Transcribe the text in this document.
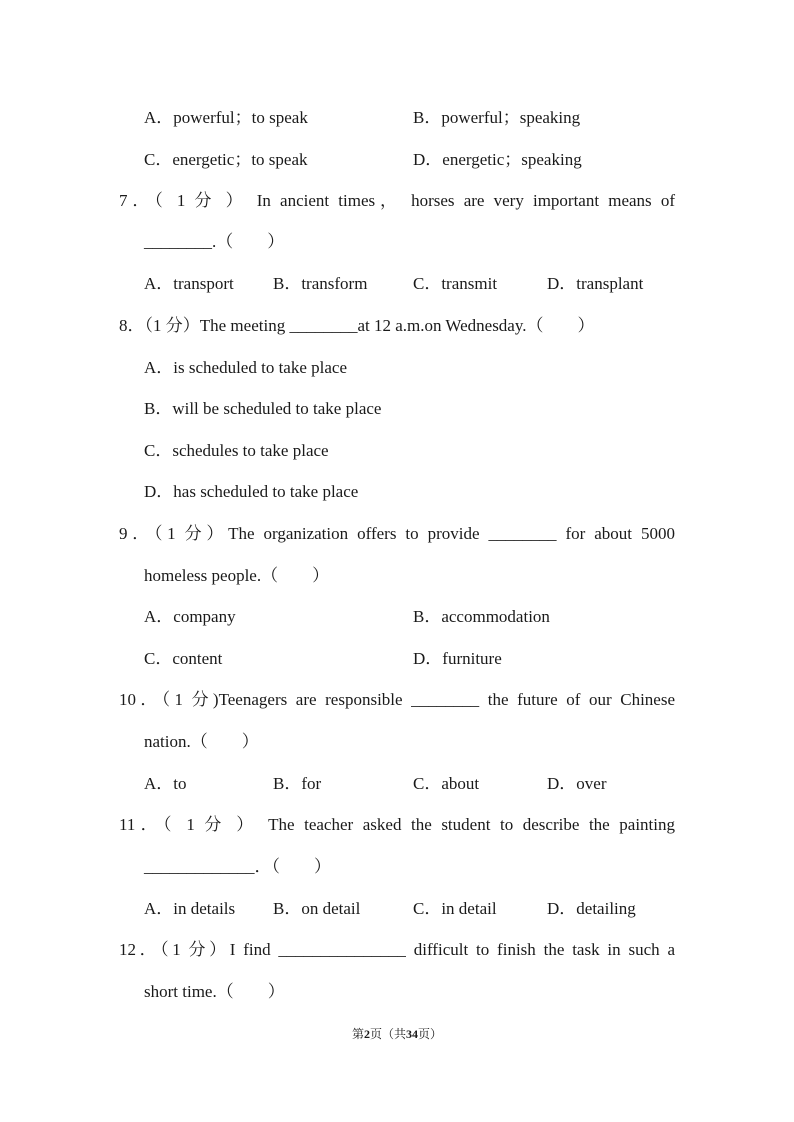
A．powerful；to speak	B．powerful；speaking
C．energetic；to speak	D．energetic；speaking
7．（ 1 分 ） In ancient times， horses are very important means of
________.（　　）
A．transport B．transform	C．transmit	D．transplant
8．（1 分）The meeting ________at 12 a.m.on Wednesday.（　　）
A．is scheduled to take place
B．will be scheduled to take place
C．schedules to take place
D．has scheduled to take place
9．（1 分）The organization offers to provide ________ for about 5000
homeless people.（　　）
A．company	B．accommodation
C．content	D．furniture
10．（1 分)Teenagers are responsible ________ the future of our Chinese
nation.（　　）
A．to	B．for	C．about	D．over
11．（ 1 分 ） The teacher asked the student to describe the painting
_____________．（　　）
A．in details B．on detail	C．in detail	D．detailing
12．（1 分）I find _______________ difficult to finish the task in such a
short time.（　　）
第2页（共34页）
